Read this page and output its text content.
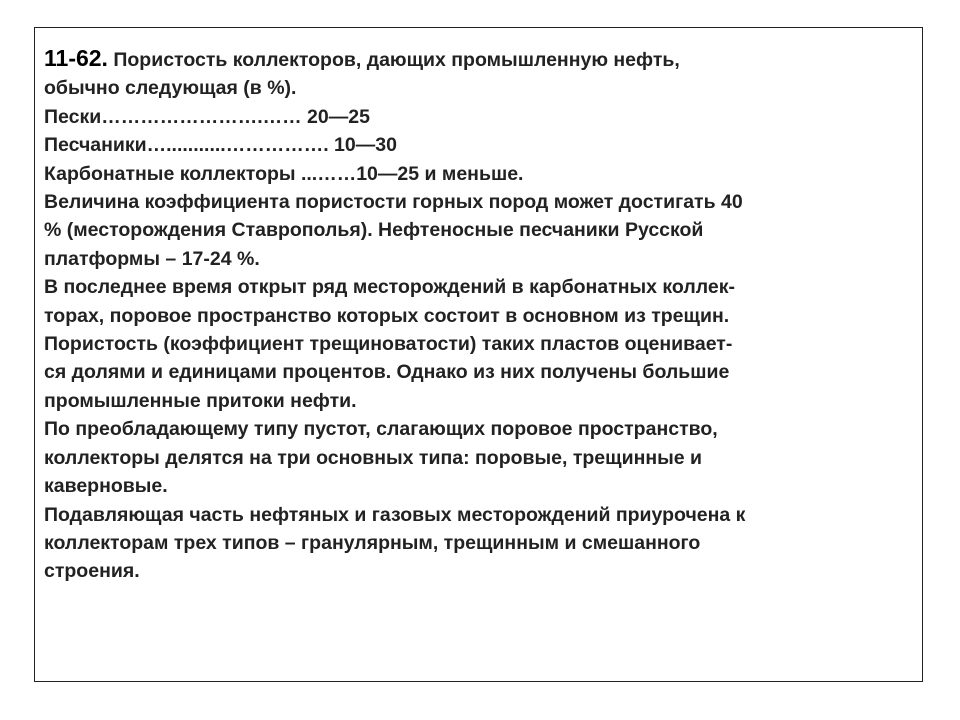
11-62. Пористость коллекторов, дающих промышленную нефть,
обычно следующая (в %).
Пески…………………….…… 20—25
Песчаники…...........……………. 10—30
Карбонатные коллекторы ...……10—25 и меньше.
Величина коэффициента пористости горных пород может достигать 40
% (месторождения Ставрополья). Нефтеносные песчаники Русской
платформы – 17-24 %.
В последнее время открыт ряд месторождений в карбонатных коллек-
торах, поровое пространство которых состоит в основном из трещин.
Пористость (коэффициент трещиноватости) таких пластов оценивает-
ся долями и единицами процентов. Однако из них получены большие
промышленные притоки нефти.
По преобладающему типу пустот, слагающих поровое пространство,
коллекторы делятся на три основных типа: поровые, трещинные и
каверновые.
Подавляющая часть нефтяных и газовых месторождений приурочена к
коллекторам трех типов – гранулярным, трещинным и смешанного
строения.
